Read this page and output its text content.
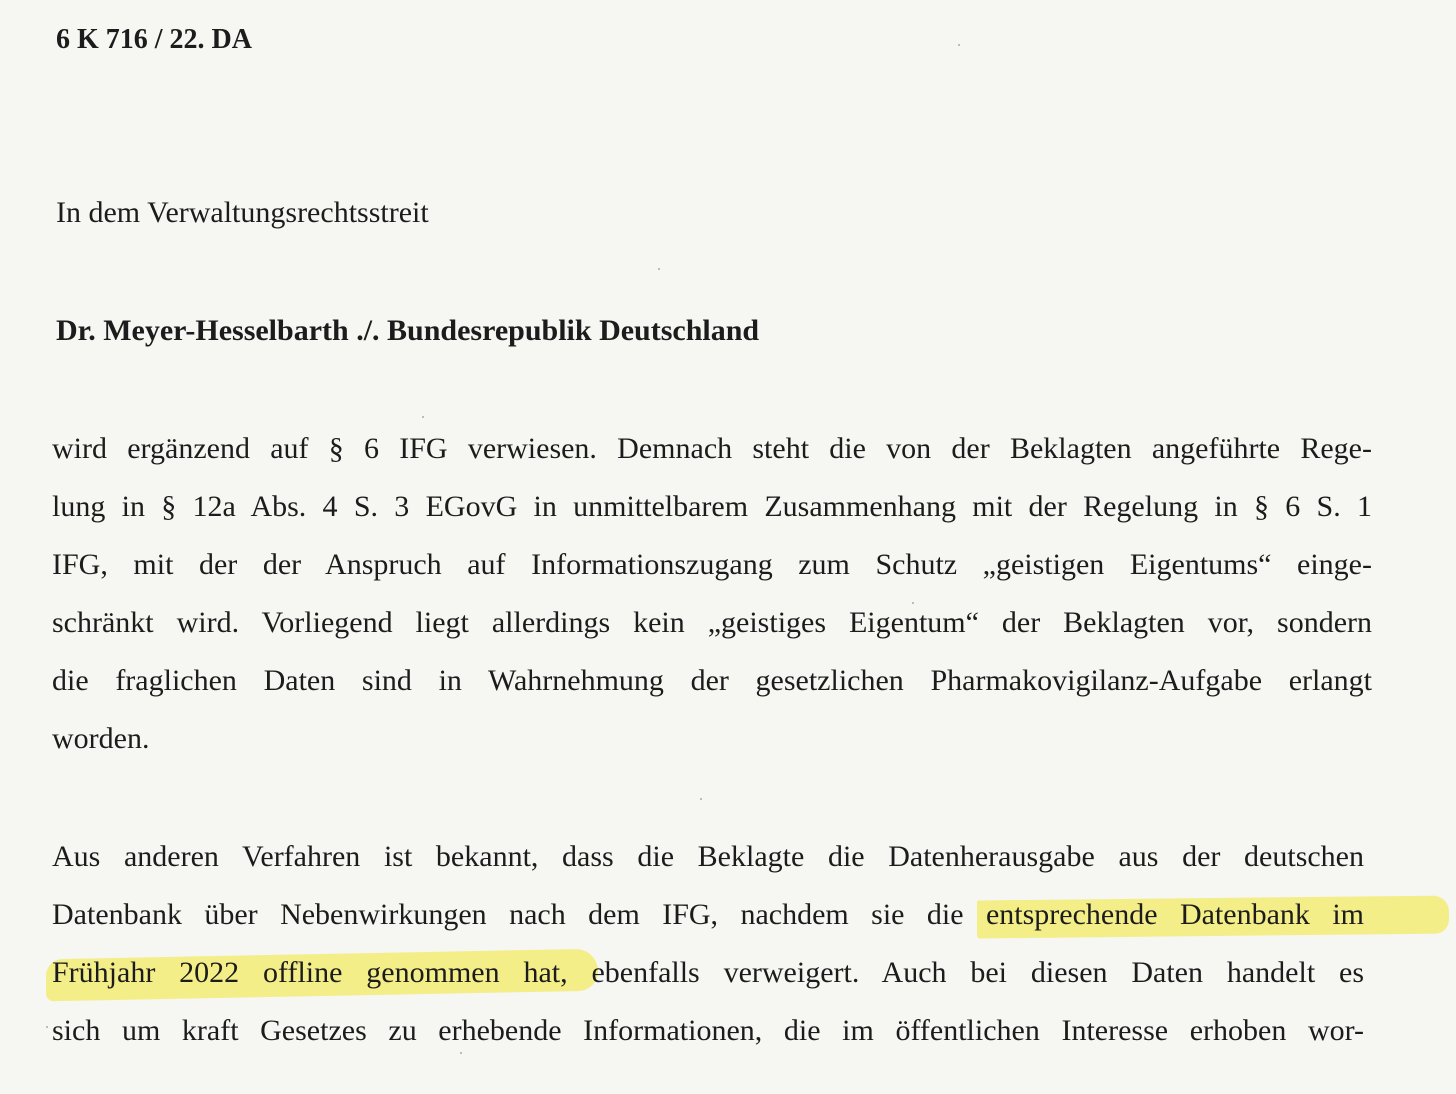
6 K 716 / 22. DA
In dem Verwaltungsrechtsstreit
Dr. Meyer-Hesselbarth ./. Bundesrepublik Deutschland
wird ergänzend auf § 6 IFG verwiesen. Demnach steht die von der Beklagten angeführte Rege-
lung in § 12a Abs. 4 S. 3 EGovG in unmittelbarem Zusammenhang mit der Regelung in § 6 S. 1
IFG, mit der der Anspruch auf Informationszugang zum Schutz „geistigen Eigentums“ einge-
schränkt wird. Vorliegend liegt allerdings kein „geistiges Eigentum“ der Beklagten vor, sondern
die fraglichen Daten sind in Wahrnehmung der gesetzlichen Pharmakovigilanz-Aufgabe erlangt
worden.
Aus anderen Verfahren ist bekannt, dass die Beklagte die Datenherausgabe aus der deutschen
Datenbank über Nebenwirkungen nach dem IFG, nachdem sie die entsprechende Datenbank im
Frühjahr 2022 offline genommen hat, ebenfalls verweigert. Auch bei diesen Daten handelt es
sich um kraft Gesetzes zu erhebende Informationen, die im öffentlichen Interesse erhoben wor-
